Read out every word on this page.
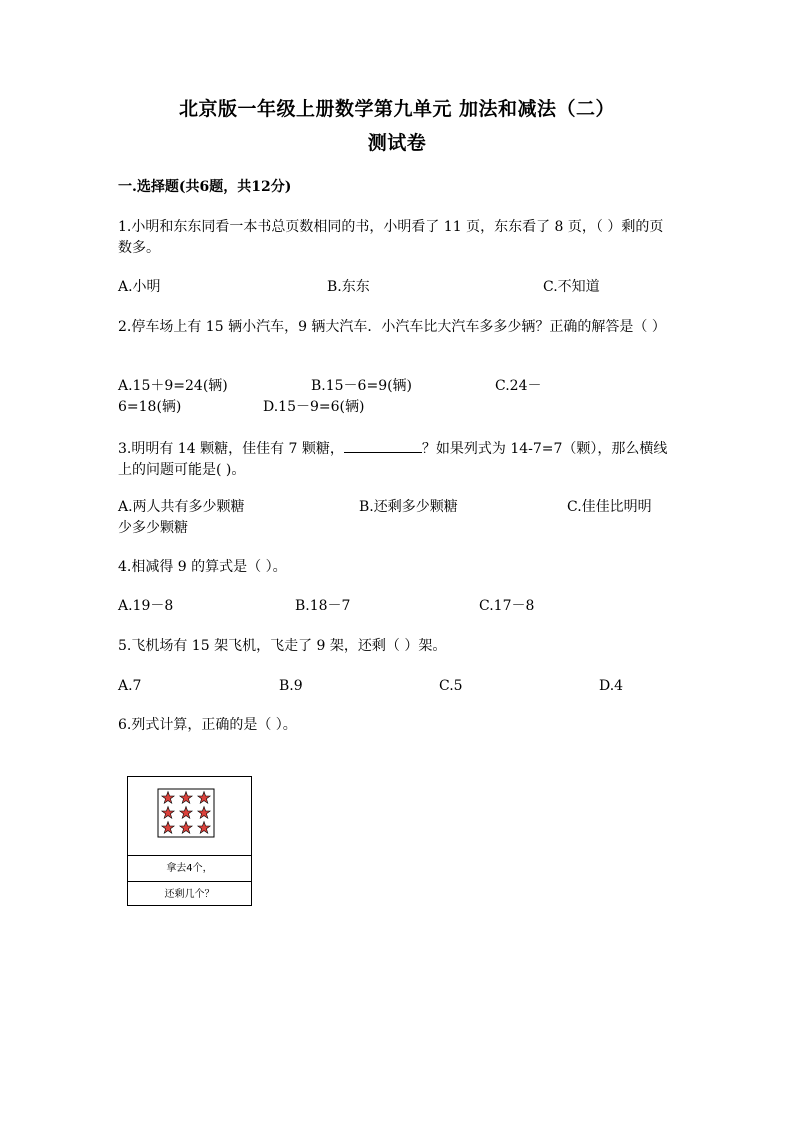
北京版一年级上册数学第九单元 加法和减法（二）
测试卷
一.选择题(共6题，共12分)
1.小明和东东同看一本书总页数相同的书，小明看了 11 页，东东看了 8 页，（ ）剩的页数多。
A.小明	B.东东	C.不知道
2.停车场上有 15 辆小汽车，9 辆大汽车．小汽车比大汽车多多少辆？正确的解答是（ ）
A.15＋9=24(辆)	B.15－6=9(辆)	C.24－
6=18(辆)	D.15－9=6(辆)
3.明明有 14 颗糖，佳佳有 7 颗糖，	？如果列式为 14-7=7（颗），那么横线上的问题可能是( )。
A.两人共有多少颗糖	B.还剩多少颗糖	C.佳佳比明明
少多少颗糖
4.相减得 9 的算式是（ ）。
A.19－8	B.18－7	C.17－8
5.飞机场有 15 架飞机，飞走了 9 架，还剩（ ）架。
A.7	B.9	C.5	D.4
6.列式计算，正确的是（ ）。
拿去4个，
还剩几个？
